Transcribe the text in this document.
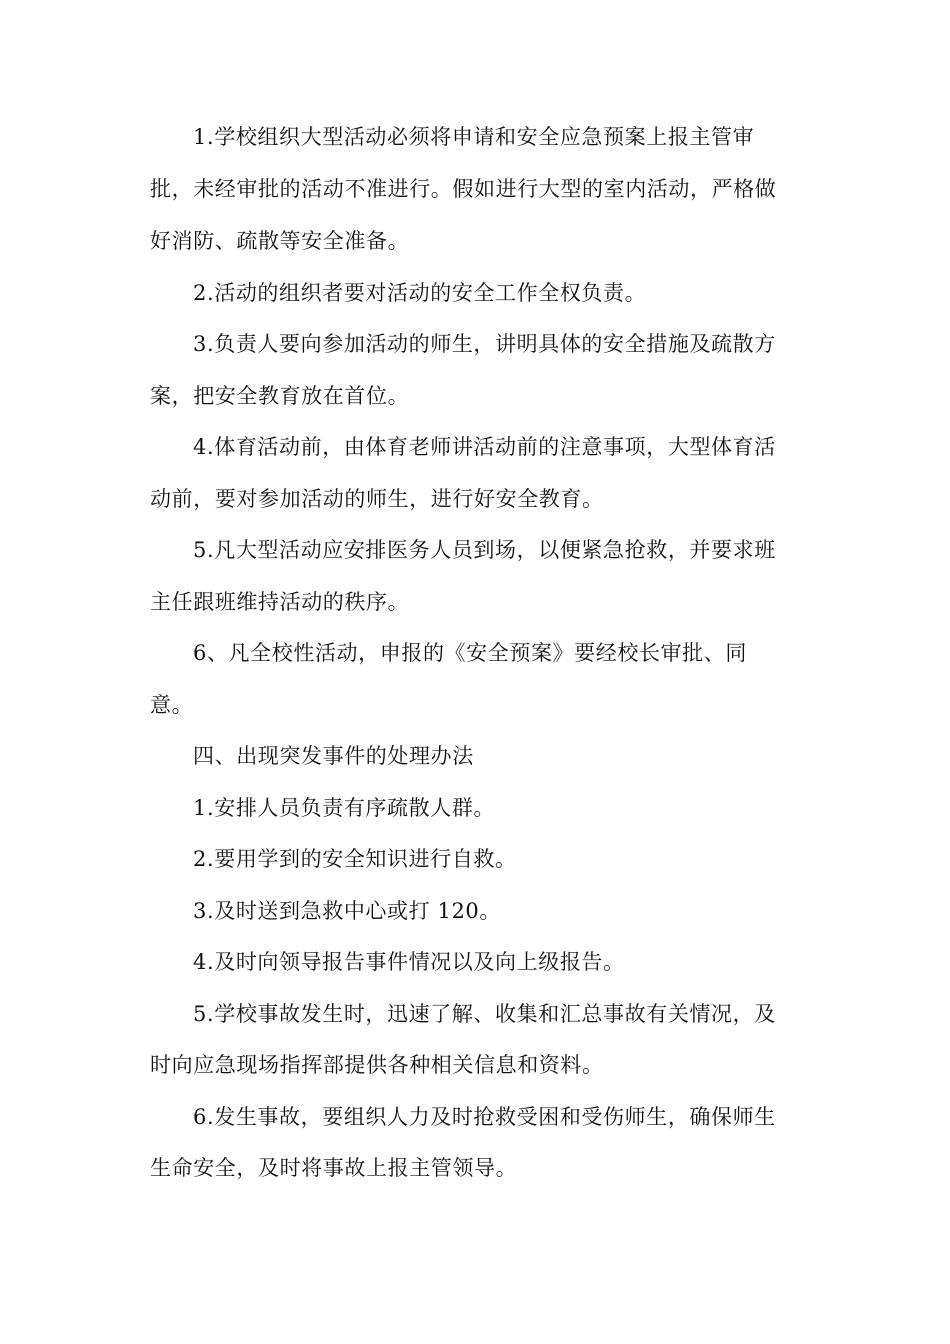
1.学校组织大型活动必须将申请和安全应急预案上报主管审
批，未经审批的活动不准进行。假如进行大型的室内活动，严格做
好消防、疏散等安全准备。
2.活动的组织者要对活动的安全工作全权负责。
3.负责人要向参加活动的师生，讲明具体的安全措施及疏散方
案，把安全教育放在首位。
4.体育活动前，由体育老师讲活动前的注意事项，大型体育活
动前，要对参加活动的师生，进行好安全教育。
5.凡大型活动应安排医务人员到场，以便紧急抢救，并要求班
主任跟班维持活动的秩序。
6、凡全校性活动，申报的《安全预案》要经校长审批、同
意。
四、出现突发事件的处理办法
1.安排人员负责有序疏散人群。
2.要用学到的安全知识进行自救。
3.及时送到急救中心或打 120。
4.及时向领导报告事件情况以及向上级报告。
5.学校事故发生时，迅速了解、收集和汇总事故有关情况，及
时向应急现场指挥部提供各种相关信息和资料。
6.发生事故，要组织人力及时抢救受困和受伤师生，确保师生
生命安全，及时将事故上报主管领导。
